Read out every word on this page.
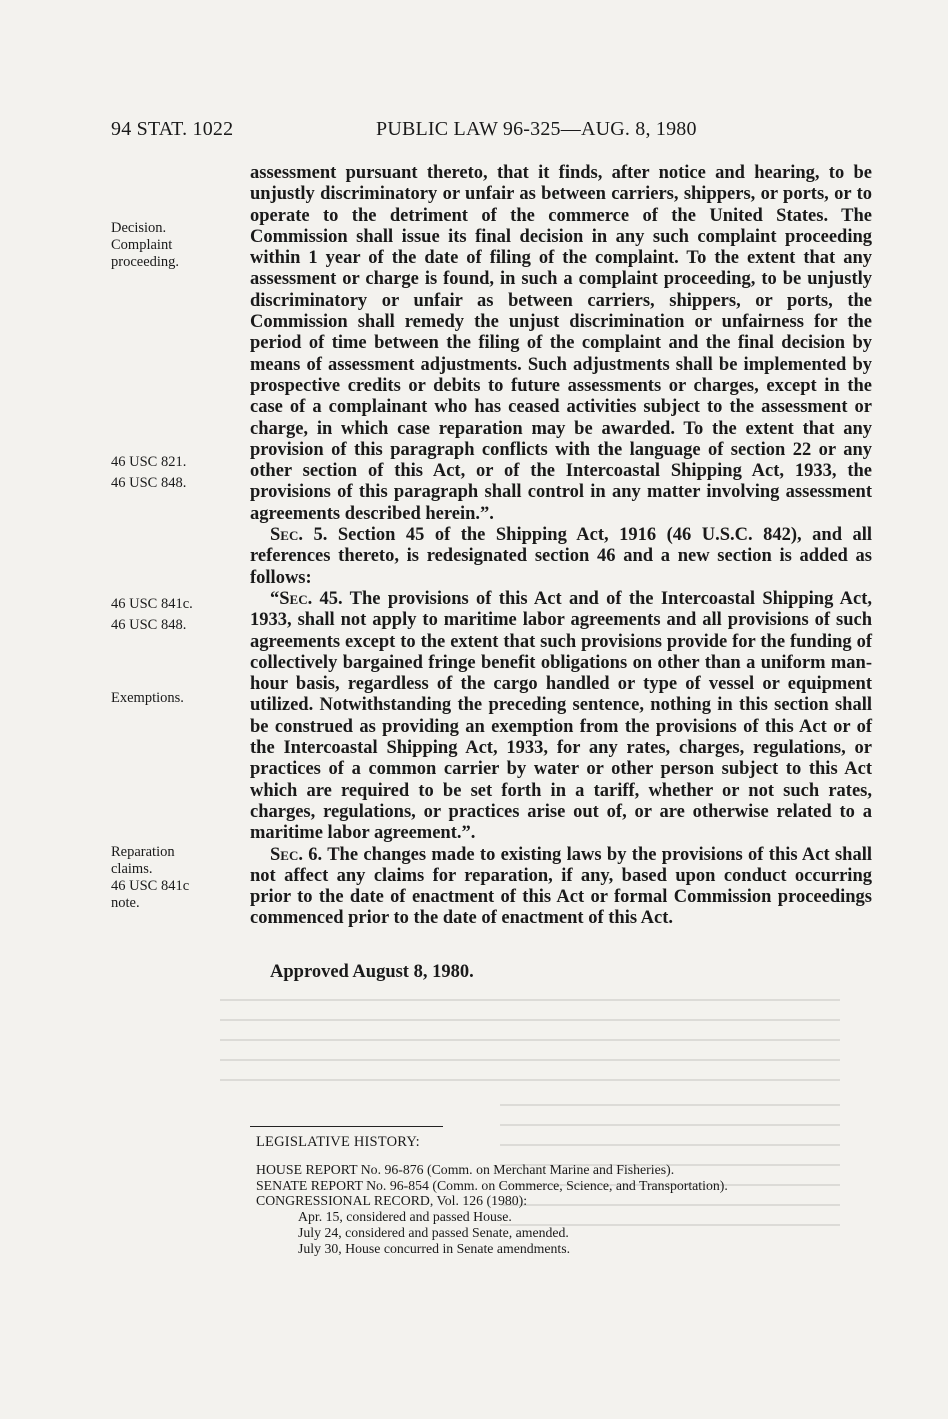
94 STAT. 1022	PUBLIC LAW 96-325—AUG. 8, 1980
Decision.
Complaint
proceeding.
46 USC 821.
46 USC 848.
46 USC 841c.
46 USC 848.
Exemptions.
Reparation
claims.
46 USC 841c
note.

assessment pursuant thereto, that it finds, after notice and hearing, to be unjustly discriminatory or unfair as between carriers, shippers, or ports, or to operate to the detriment of the commerce of the United States. The Commission shall issue its final decision in any such complaint proceeding within 1 year of the date of filing of the complaint. To the extent that any assessment or charge is found, in such a complaint proceeding, to be unjustly discriminatory or unfair as between carriers, shippers, or ports, the Commission shall remedy the unjust discrimination or unfairness for the period of time between the filing of the complaint and the final decision by means of assessment adjustments. Such adjustments shall be implemented by prospective credits or debits to future assessments or charges, except in the case of a complainant who has ceased activities subject to the assessment or charge, in which case reparation may be awarded. To the extent that any provision of this paragraph conflicts with the language of section 22 or any other section of this Act, or of the Intercoastal Shipping Act, 1933, the provisions of this paragraph shall control in any matter involving assessment agreements described herein.”.

Sec. 5. Section 45 of the Shipping Act, 1916 (46 U.S.C. 842), and all references thereto, is redesignated section 46 and a new section is added as follows:

“Sec. 45. The provisions of this Act and of the Intercoastal Shipping Act, 1933, shall not apply to maritime labor agreements and all provisions of such agreements except to the extent that such provisions provide for the funding of collectively bargained fringe benefit obligations on other than a uniform man-hour basis, regardless of the cargo handled or type of vessel or equipment utilized. Notwithstanding the preceding sentence, nothing in this section shall be construed as providing an exemption from the provisions of this Act or of the Intercoastal Shipping Act, 1933, for any rates, charges, regulations, or practices of a common carrier by water or other person subject to this Act which are required to be set forth in a tariff, whether or not such rates, charges, regulations, or practices arise out of, or are otherwise related to a maritime labor agreement.”.

Sec. 6. The changes made to existing laws by the provisions of this Act shall not affect any claims for reparation, if any, based upon conduct occurring prior to the date of enactment of this Act or formal Commission proceedings commenced prior to the date of enactment of this Act.

Approved August 8, 1980.
LEGISLATIVE HISTORY:
HOUSE REPORT No. 96-876 (Comm. on Merchant Marine and Fisheries).
SENATE REPORT No. 96-854 (Comm. on Commerce, Science, and Transportation).
CONGRESSIONAL RECORD, Vol. 126 (1980):
Apr. 15, considered and passed House.
July 24, considered and passed Senate, amended.
July 30, House concurred in Senate amendments.
